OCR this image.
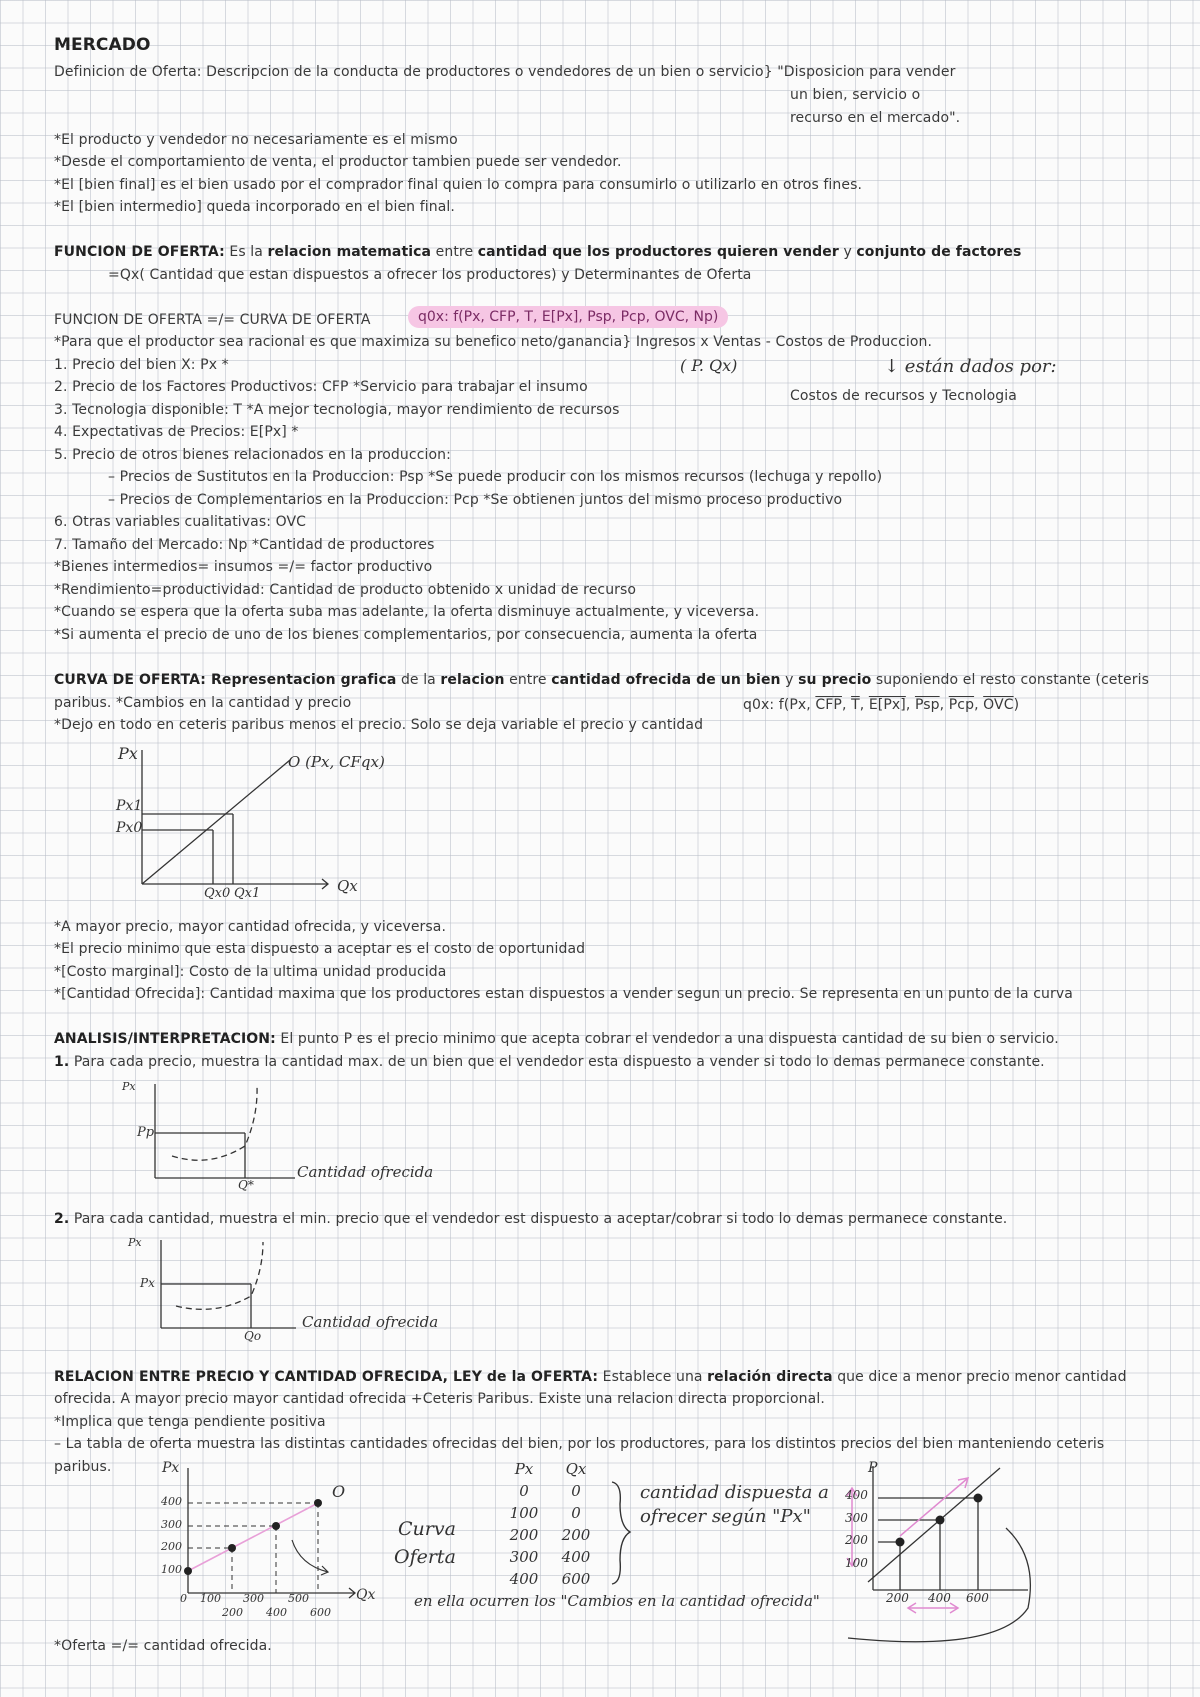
MERCADO
Definicion de Oferta: Descripcion de la conducta de productores o vendedores de un bien o servicio} "Disposicion para vender
un bien, servicio o
recurso en el mercado".
*El producto y vendedor no necesariamente es el mismo
*Desde el comportamiento de venta, el productor tambien puede ser vendedor.
*El [bien final] es el bien usado por el comprador final quien lo compra para consumirlo o utilizarlo en otros fines.
*El [bien intermedio] queda incorporado en el bien final.
FUNCION DE OFERTA: Es la relacion matematica entre cantidad que los productores quieren vender y conjunto de factores
=Qx( Cantidad que estan dispuestos a ofrecer los productores) y Determinantes de Oferta
FUNCION DE OFERTA =/= CURVA DE OFERTA	q0x: f(Px, CFP, T, E[Px], Psp, Pcp, OVC, Np)
*Para que el productor sea racional es que maximiza su benefico neto/ganancia} Ingresos x Ventas - Costos de Produccion.
( P. Qx)	↓ están dados por:
Costos de recursos y Tecnologia
1. Precio del bien X: Px *
2. Precio de los Factores Productivos: CFP *Servicio para trabajar el insumo
3. Tecnologia disponible: T *A mejor tecnologia, mayor rendimiento de recursos
4. Expectativas de Precios: E[Px] *
5. Precio de otros bienes relacionados en la produccion:
– Precios de Sustitutos en la Produccion: Psp *Se puede producir con los mismos recursos (lechuga y repollo)
– Precios de Complementarios en la Produccion: Pcp *Se obtienen juntos del mismo proceso productivo
6. Otras variables cualitativas: OVC
7. Tamaño del Mercado: Np *Cantidad de productores
*Bienes intermedios= insumos =/= factor productivo
*Rendimiento=productividad: Cantidad de producto obtenido x unidad de recurso
*Cuando se espera que la oferta suba mas adelante, la oferta disminuye actualmente, y viceversa.
*Si aumenta el precio de uno de los bienes complementarios, por consecuencia, aumenta la oferta
CURVA DE OFERTA: Representacion grafica de la relacion entre cantidad ofrecida de un bien y su precio suponiendo el resto constante (ceteris
paribus. *Cambios en la cantidad y precio	q0x: f(Px, $\overline{CFP}$, $\overline{T}$, E[Px], $\overline{Psp}$, $\overline{Pcp}$, $\overline{OVC}$)
*Dejo en todo en ceteris paribus menos el precio. Solo se deja variable el precio y cantidad
Px	O (Px, CFqx)
Px1
Px0
Qx
Qx0 Qx1
*A mayor precio, mayor cantidad ofrecida, y viceversa.
*El precio minimo que esta dispuesto a aceptar es el costo de oportunidad
*[Costo marginal]: Costo de la ultima unidad producida
*[Cantidad Ofrecida]: Cantidad maxima que los productores estan dispuestos a vender segun un precio. Se representa en un punto de la curva
ANALISIS/INTERPRETACION: El punto P es el precio minimo que acepta cobrar el vendedor a una dispuesta cantidad de su bien o servicio.
1. Para cada precio, muestra la cantidad max. de un bien que el vendedor esta dispuesto a vender si todo lo demas permanece constante.
Px
Pp
Q*
Cantidad ofrecida
2. Para cada cantidad, muestra el min. precio que el vendedor est dispuesto a aceptar/cobrar si todo lo demas permanece constante.
Px
Px
Qo
Cantidad ofrecida
RELACION ENTRE PRECIO Y CANTIDAD OFRECIDA, LEY de la OFERTA: Establece una relación directa que dice a menor precio menor cantidad
ofrecida. A mayor precio mayor cantidad ofrecida +Ceteris Paribus. Existe una relacion directa proporcional.
*Implica que tenga pendiente positiva
– La tabla de oferta muestra las distintas cantidades ofrecidas del bien, por los productores, para los distintos precios del bien manteniendo ceteris
paribus.	Px
O
400
300
200
100
0 100 300 500
200 400 600
Qx
Curva
Oferta
Px	Qx
0	0
100	0
200	200
300	400
400	600
cantidad dispuesta a
ofrecer según "Px"
en ella ocurren los "Cambios en la cantidad ofrecida"
P
400
300
200
100
200 400 600
*Oferta =/= cantidad ofrecida.
